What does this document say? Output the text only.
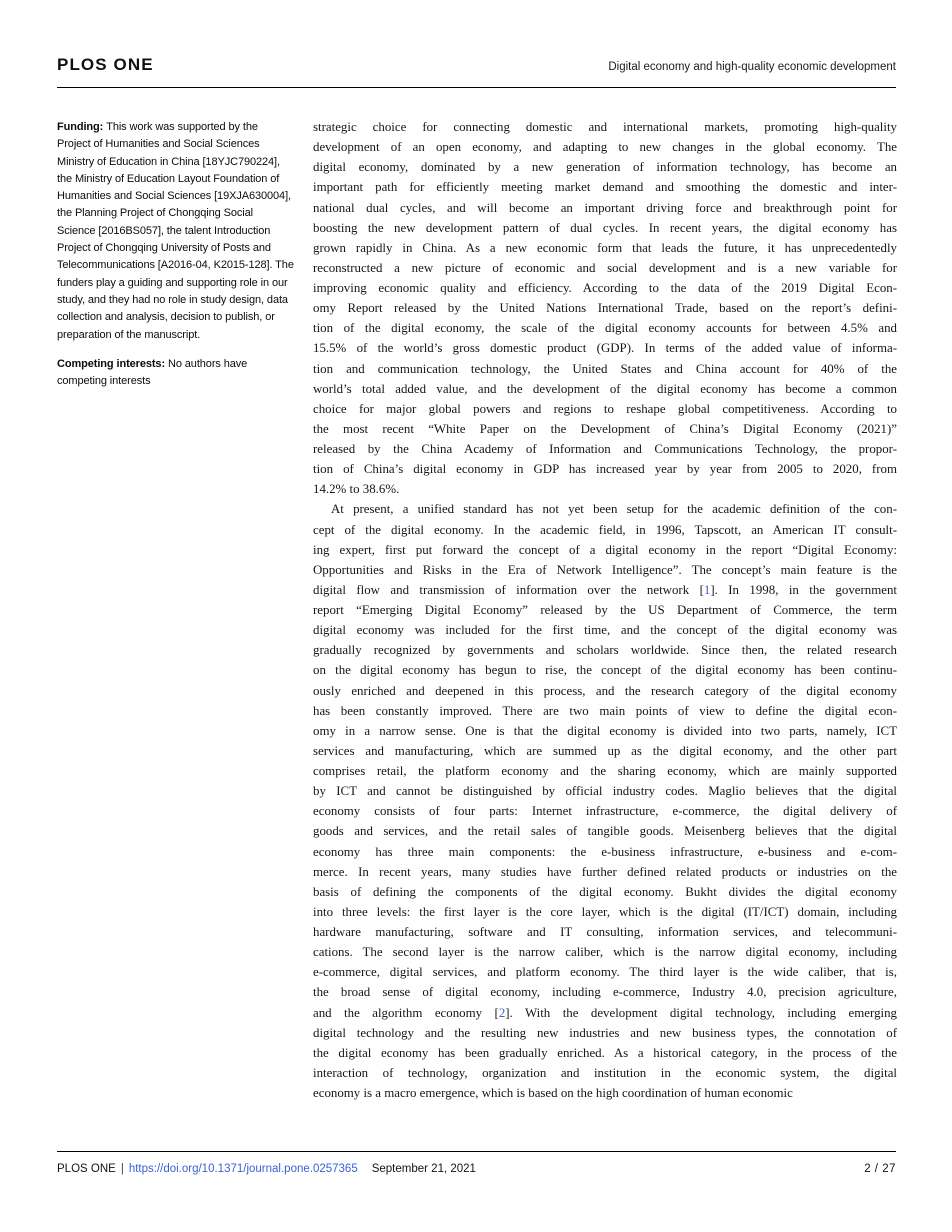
PLOS ONE	Digital economy and high-quality economic development

Funding: This work was supported by the Project of Humanities and Social Sciences Ministry of Education in China [18YJC790224], the Ministry of Education Layout Foundation of Humanities and Social Sciences [19XJA630004], the Planning Project of Chongqing Social Science [2016BS057], the talent Introduction Project of Chongqing University of Posts and Telecommunications [A2016-04, K2015-128]. The funders play a guiding and supporting role in our study, and they had no role in study design, data collection and analysis, decision to publish, or preparation of the manuscript.

Competing interests: No authors have competing interests

strategic choice for connecting domestic and international markets, promoting high-quality
development of an open economy, and adapting to new changes in the global economy. The
digital economy, dominated by a new generation of information technology, has become an
important path for efficiently meeting market demand and smoothing the domestic and inter-
national dual cycles, and will become an important driving force and breakthrough point for
boosting the new development pattern of dual cycles. In recent years, the digital economy has
grown rapidly in China. As a new economic form that leads the future, it has unprecedentedly
reconstructed a new picture of economic and social development and is a new variable for
improving economic quality and efficiency. According to the data of the 2019 Digital Econ-
omy Report released by the United Nations International Trade, based on the report’s defini-
tion of the digital economy, the scale of the digital economy accounts for between 4.5% and
15.5% of the world’s gross domestic product (GDP). In terms of the added value of informa-
tion and communication technology, the United States and China account for 40% of the
world’s total added value, and the development of the digital economy has become a common
choice for major global powers and regions to reshape global competitiveness. According to
the most recent “White Paper on the Development of China’s Digital Economy (2021)”
released by the China Academy of Information and Communications Technology, the propor-
tion of China’s digital economy in GDP has increased year by year from 2005 to 2020, from
14.2% to 38.6%.
At present, a unified standard has not yet been setup for the academic definition of the con-
cept of the digital economy. In the academic field, in 1996, Tapscott, an American IT consult-
ing expert, first put forward the concept of a digital economy in the report “Digital Economy:
Opportunities and Risks in the Era of Network Intelligence”. The concept’s main feature is the
digital flow and transmission of information over the network [1]. In 1998, in the government
report “Emerging Digital Economy” released by the US Department of Commerce, the term
digital economy was included for the first time, and the concept of the digital economy was
gradually recognized by governments and scholars worldwide. Since then, the related research
on the digital economy has begun to rise, the concept of the digital economy has been continu-
ously enriched and deepened in this process, and the research category of the digital economy
has been constantly improved. There are two main points of view to define the digital econ-
omy in a narrow sense. One is that the digital economy is divided into two parts, namely, ICT
services and manufacturing, which are summed up as the digital economy, and the other part
comprises retail, the platform economy and the sharing economy, which are mainly supported
by ICT and cannot be distinguished by official industry codes. Maglio believes that the digital
economy consists of four parts: Internet infrastructure, e-commerce, the digital delivery of
goods and services, and the retail sales of tangible goods. Meisenberg believes that the digital
economy has three main components: the e-business infrastructure, e-business and e-com-
merce. In recent years, many studies have further defined related products or industries on the
basis of defining the components of the digital economy. Bukht divides the digital economy
into three levels: the first layer is the core layer, which is the digital (IT/ICT) domain, including
hardware manufacturing, software and IT consulting, information services, and telecommuni-
cations. The second layer is the narrow caliber, which is the narrow digital economy, including
e-commerce, digital services, and platform economy. The third layer is the wide caliber, that is,
the broad sense of digital economy, including e-commerce, Industry 4.0, precision agriculture,
and the algorithm economy [2]. With the development digital technology, including emerging
digital technology and the resulting new industries and new business types, the connotation of
the digital economy has been gradually enriched. As a historical category, in the process of the
interaction of technology, organization and institution in the economic system, the digital
economy is a macro emergence, which is based on the high coordination of human economic
PLOS ONE | https://doi.org/10.1371/journal.pone.0257365 September 21, 2021	2 / 27
